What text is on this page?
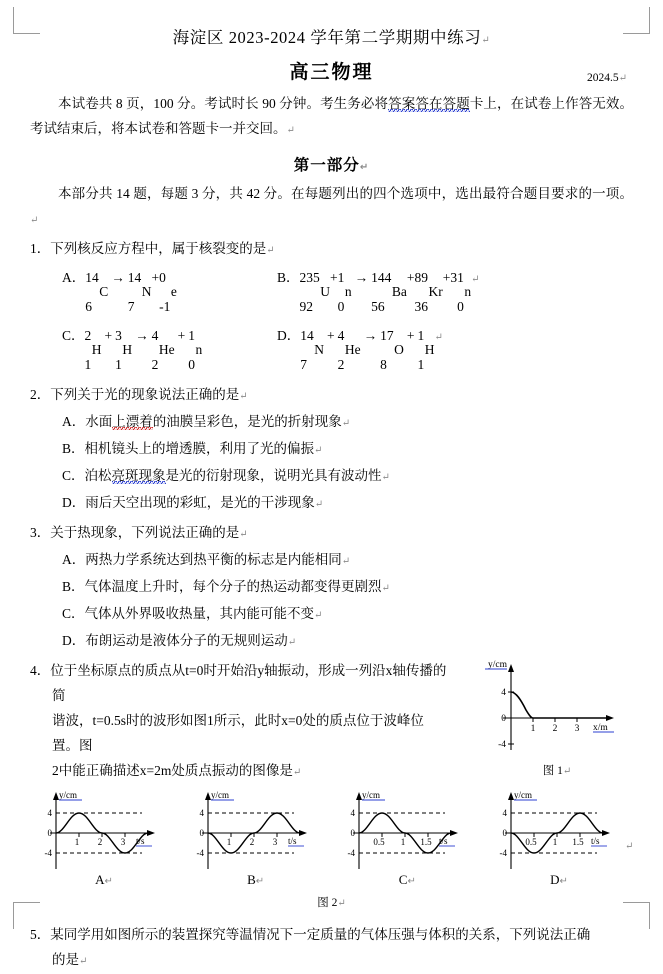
海淀区 2023-2024 学年第二学期期中练习↵
高三物理	2024.5↵
本试卷共 8 页，100 分。考试时长 90 分钟。考生务必将答案答在答题卡上，在试卷上作答无效。考试结束后，将本试卷和答题卡一并交回。↵
第一部分↵
本部分共 14 题，每题 3 分，共 42 分。在每题列出的四个选项中，选出最符合题目要求的一项。↵
1．下列核反应方程中，属于核裂变的是↵
A． 14
6
C
→ 14
7
N
+ 0
-1
e
B． 235
92
U
+ 1
0
n
→ 144
56
Ba
+ 89
36
Kr
+3 1
0
n
↵
C． 2
1
H
+ 3
1
H
→ 4
2
He
+ 1
0
n
D． 14
7
N
+ 4
2
He
→ 17
8
O
+ 1
1
H
↵
2．下列关于光的现象说法正确的是↵
A．水面上漂着的油膜呈彩色，是光的折射现象↵
B．相机镜头上的增透膜，利用了光的偏振↵
C．泊松亮斑现象是光的衍射现象，说明光具有波动性↵
D．雨后天空出现的彩虹，是光的干涉现象↵
3．关于热现象，下列说法正确的是↵
A．两热力学系统达到热平衡的标志是内能相同↵
B．气体温度上升时，每个分子的热运动都变得更剧烈↵
C．气体从外界吸收热量，其内能可能不变↵
D．布朗运动是液体分子的无规则运动↵
4．位于坐标原点的质点从t=0时开始沿y轴振动，形成一列沿x轴传播的简
谐波，t=0.5s时的波形如图1所示，此时x=0处的质点位于波峰位置。图
2中能正确描述x=2m处质点振动的图像是↵
y/cm
x/m
4
0
-4
1 2 3
图 1↵
y/cm
t/s
4
0
-4
1 2 3
A↵
y/cm
t/s
4
0
-4
1 2 3
B↵
y/cm
t/s
4
0
-4
0.5 1 1.5
C↵
y/cm
t/s
4
0
-4
0.5 1 1.5	↵
D↵
图 2↵
5．某同学用如图所示的装置探究等温情况下一定质量的气体压强与体积的关系，下列说法正确
的是↵
